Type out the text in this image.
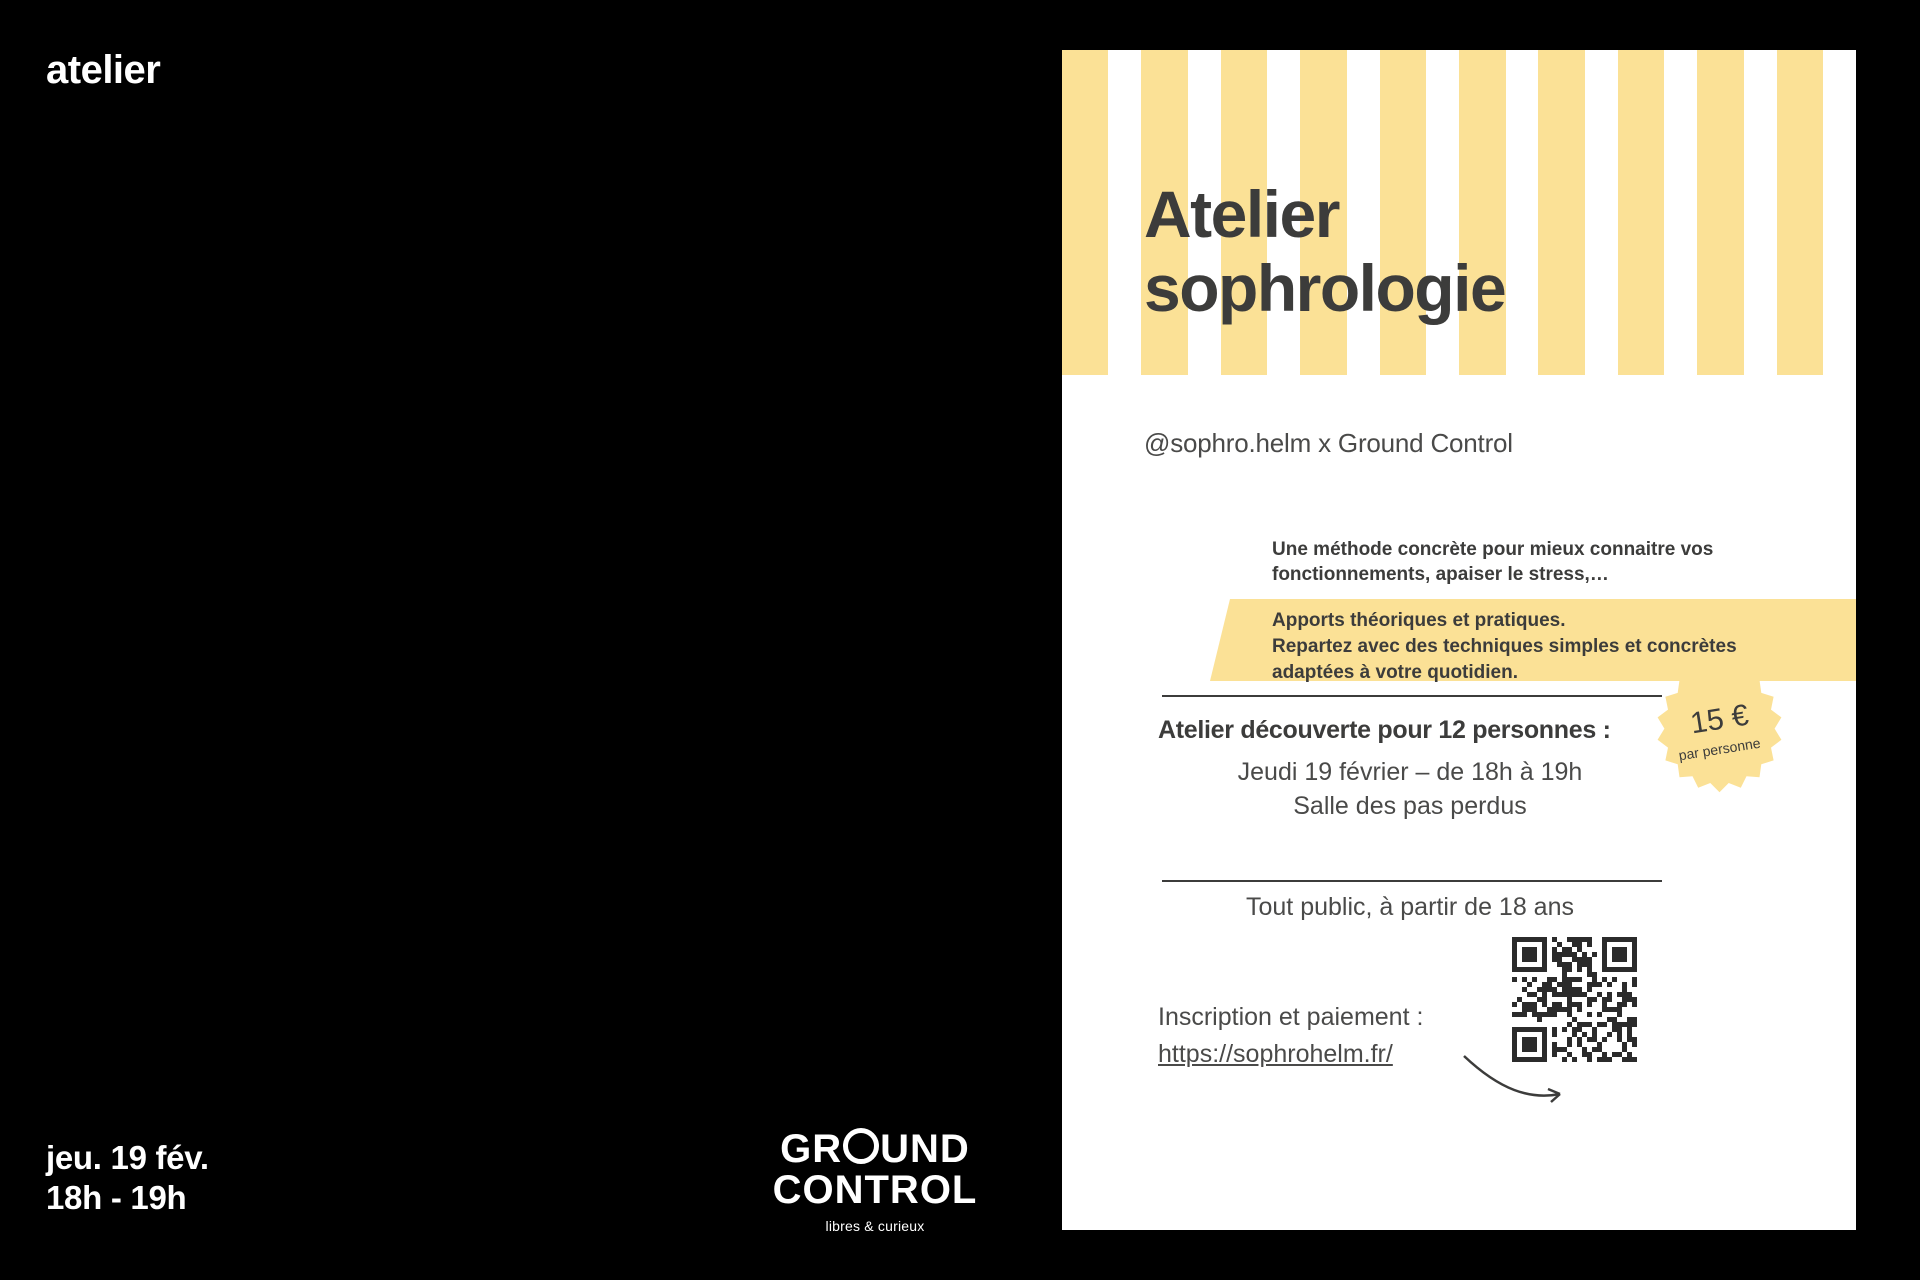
atelier
jeu. 19 fév.
18h - 19h
GR UND
CONTROL
libres & curieux
Atelier
sophrologie
@sophro.helm x Ground Control
Une méthode concrète pour mieux connaitre vos fonctionnements, apaiser le stress,…
Apports théoriques et pratiques.
Repartez avec des techniques simples et concrètes
adaptées à votre quotidien.
Atelier découverte pour 12 personnes :
Jeudi 19 février – de 18h à 19h
Salle des pas perdus
Tout public, à partir de 18 ans
15 €
par personne
Inscription et paiement :
https://sophrohelm.fr/
